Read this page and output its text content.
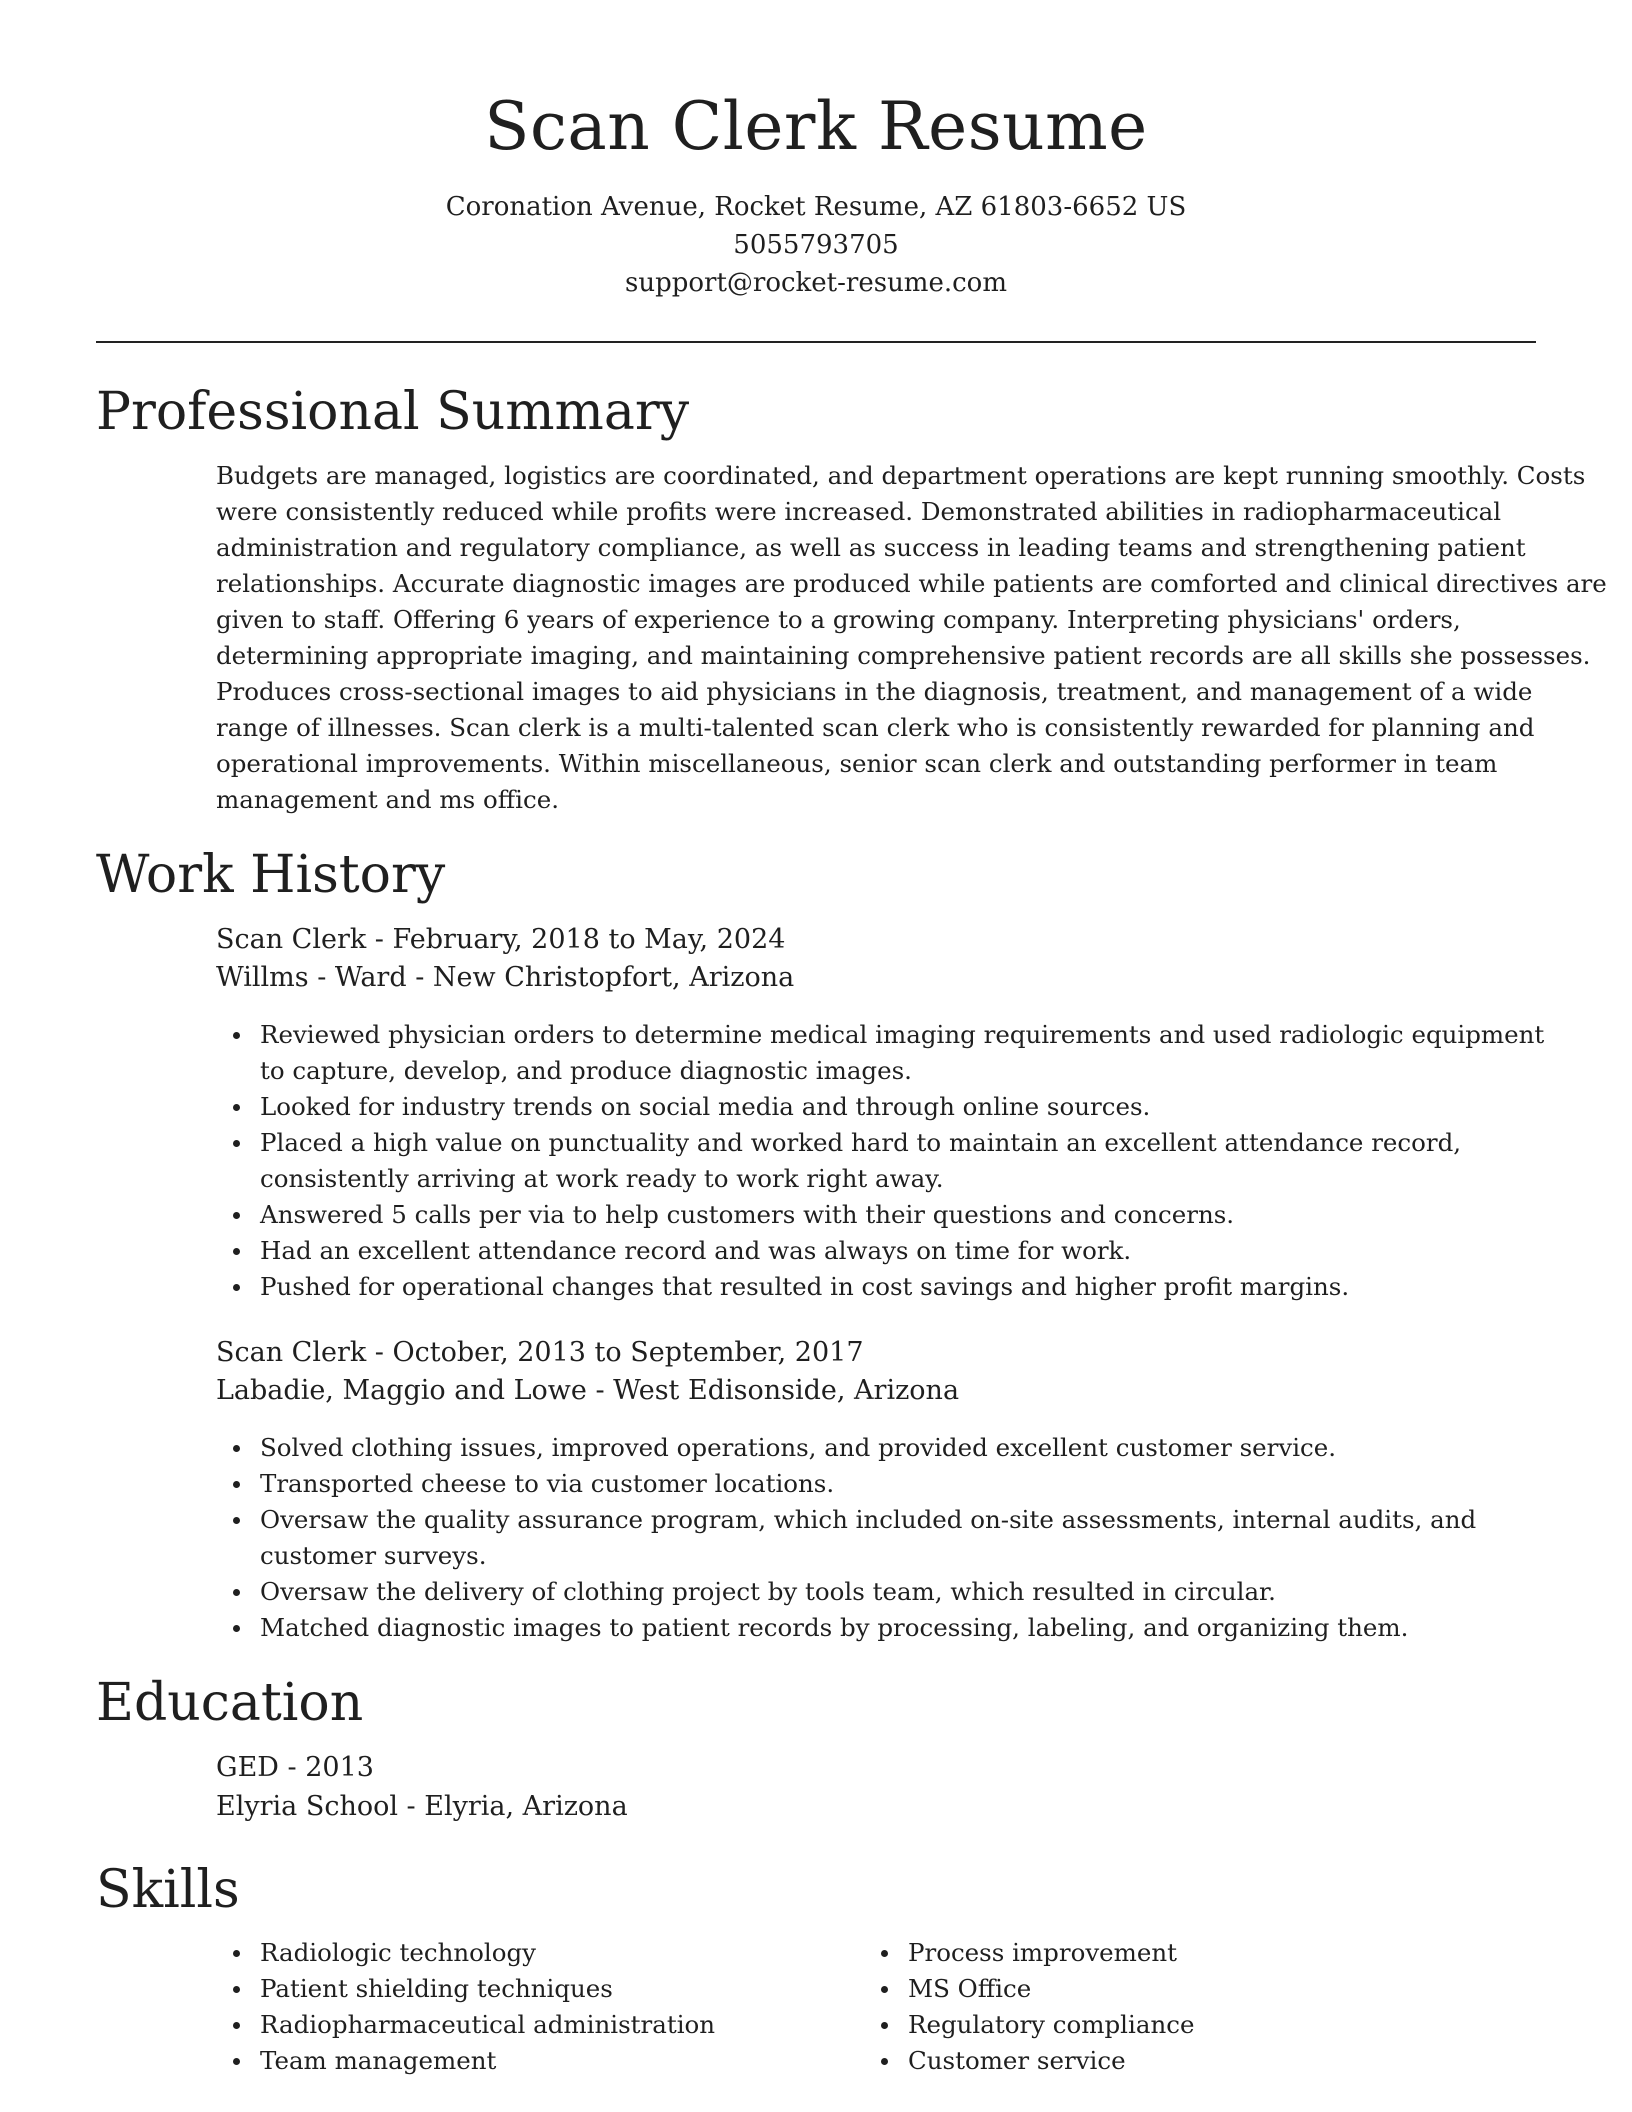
Scan Clerk Resume
Coronation Avenue, Rocket Resume, AZ 61803-6652 US
5055793705
support@rocket-resume.com
Professional Summary
Budgets are managed, logistics are coordinated, and department operations are kept running smoothly. Costs
were consistently reduced while profits were increased. Demonstrated abilities in radiopharmaceutical
administration and regulatory compliance, as well as success in leading teams and strengthening patient
relationships. Accurate diagnostic images are produced while patients are comforted and clinical directives are
given to staff. Offering 6 years of experience to a growing company. Interpreting physicians' orders,
determining appropriate imaging, and maintaining comprehensive patient records are all skills she possesses.
Produces cross-sectional images to aid physicians in the diagnosis, treatment, and management of a wide
range of illnesses. Scan clerk is a multi-talented scan clerk who is consistently rewarded for planning and
operational improvements. Within miscellaneous, senior scan clerk and outstanding performer in team
management and ms office.
Work History
Scan Clerk - February, 2018 to May, 2024
Willms - Ward - New Christopfort, Arizona
Reviewed physician orders to determine medical imaging requirements and used radiologic equipment to capture, develop, and produce diagnostic images.
Looked for industry trends on social media and through online sources.
Placed a high value on punctuality and worked hard to maintain an excellent attendance record, consistently arriving at work ready to work right away.
Answered 5 calls per via to help customers with their questions and concerns.
Had an excellent attendance record and was always on time for work.
Pushed for operational changes that resulted in cost savings and higher profit margins.
Scan Clerk - October, 2013 to September, 2017
Labadie, Maggio and Lowe - West Edisonside, Arizona
Solved clothing issues, improved operations, and provided excellent customer service.
Transported cheese to via customer locations.
Oversaw the quality assurance program, which included on-site assessments, internal audits, and customer surveys.
Oversaw the delivery of clothing project by tools team, which resulted in circular.
Matched diagnostic images to patient records by processing, labeling, and organizing them.
Education
GED - 2013
Elyria School - Elyria, Arizona
Skills
Radiologic technology
Patient shielding techniques
Radiopharmaceutical administration
Team management
Process improvement
MS Office
Regulatory compliance
Customer service
